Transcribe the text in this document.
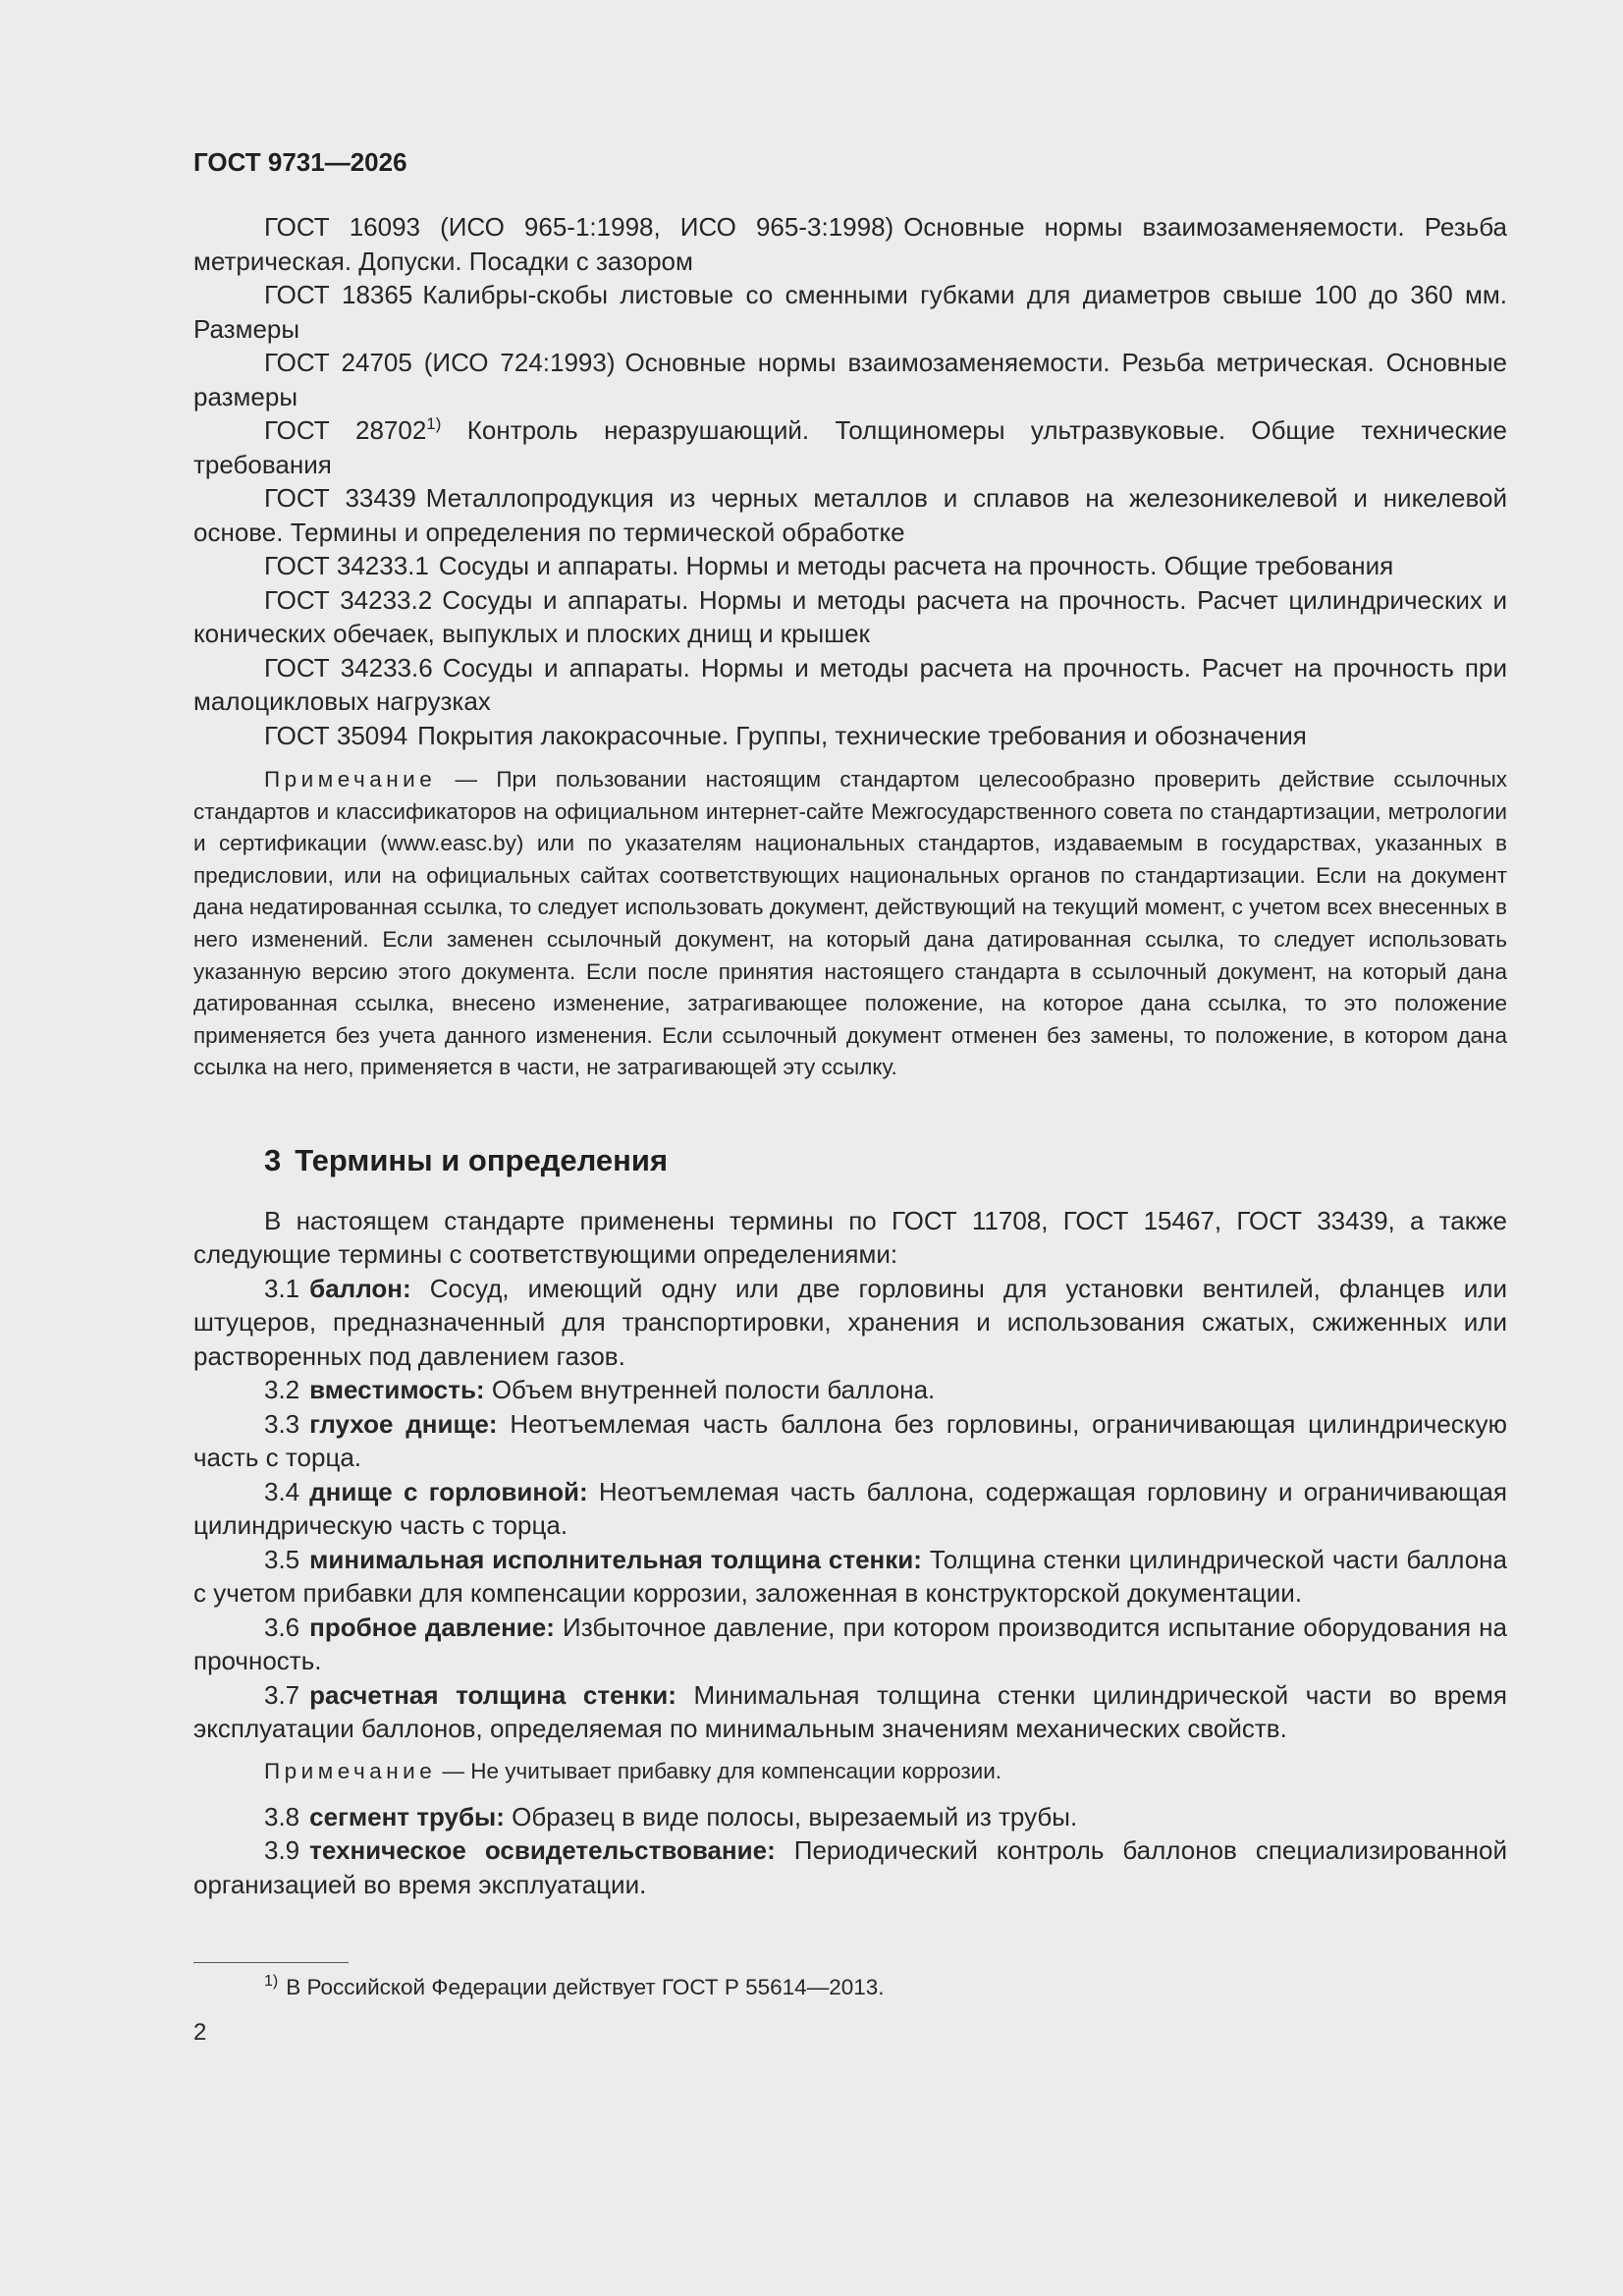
ГОСТ 9731—2026

ГОСТ 16093 (ИСО 965-1:1998, ИСО 965-3:1998) Основные нормы взаимозаменяемости. Резьба метрическая. Допуски. Посадки с зазором

ГОСТ 18365 Калибры-скобы листовые со сменными губками для диаметров свыше 100 до 360 мм. Размеры

ГОСТ 24705 (ИСО 724:1993) Основные нормы взаимозаменяемости. Резьба метрическая. Основные размеры

ГОСТ 28702$^{1)}$ Контроль неразрушающий. Толщиномеры ультразвуковые. Общие технические требования

ГОСТ 33439 Металлопродукция из черных металлов и сплавов на железоникелевой и никелевой основе. Термины и определения по термической обработке

ГОСТ 34233.1 Сосуды и аппараты. Нормы и методы расчета на прочность. Общие требования

ГОСТ 34233.2 Сосуды и аппараты. Нормы и методы расчета на прочность. Расчет цилиндрических и конических обечаек, выпуклых и плоских днищ и крышек

ГОСТ 34233.6 Сосуды и аппараты. Нормы и методы расчета на прочность. Расчет на прочность при малоцикловых нагрузках

ГОСТ 35094 Покрытия лакокрасочные. Группы, технические требования и обозначения

Примечание — При пользовании настоящим стандартом целесообразно проверить действие ссылочных стандартов и классификаторов на официальном интернет-сайте Межгосударственного совета по стандартизации, метрологии и сертификации (www.easc.by) или по указателям национальных стандартов, издаваемым в государствах, указанных в предисловии, или на официальных сайтах соответствующих национальных органов по стандартизации. Если на документ дана недатированная ссылка, то следует использовать документ, действующий на текущий момент, с учетом всех внесенных в него изменений. Если заменен ссылочный документ, на который дана датированная ссылка, то следует использовать указанную версию этого документа. Если после принятия настоящего стандарта в ссылочный документ, на который дана датированная ссылка, внесено изменение, затрагивающее положение, на которое дана ссылка, то это положение применяется без учета данного изменения. Если ссылочный документ отменен без замены, то положение, в котором дана ссылка на него, применяется в части, не затрагивающей эту ссылку.

3 Термины и определения

В настоящем стандарте применены термины по ГОСТ 11708, ГОСТ 15467, ГОСТ 33439, а также следующие термины с соответствующими определениями:

3.1 баллон: Сосуд, имеющий одну или две горловины для установки вентилей, фланцев или штуцеров, предназначенный для транспортировки, хранения и использования сжатых, сжиженных или растворенных под давлением газов.

3.2 вместимость: Объем внутренней полости баллона.

3.3 глухое днище: Неотъемлемая часть баллона без горловины, ограничивающая цилиндрическую часть с торца.

3.4 днище с горловиной: Неотъемлемая часть баллона, содержащая горловину и ограничивающая цилиндрическую часть с торца.

3.5 минимальная исполнительная толщина стенки: Толщина стенки цилиндрической части баллона с учетом прибавки для компенсации коррозии, заложенная в конструкторской документации.

3.6 пробное давление: Избыточное давление, при котором производится испытание оборудования на прочность.

3.7 расчетная толщина стенки: Минимальная толщина стенки цилиндрической части во время эксплуатации баллонов, определяемая по минимальным значениям механических свойств.

Примечание — Не учитывает прибавку для компенсации коррозии.

3.8 сегмент трубы: Образец в виде полосы, вырезаемый из трубы.

3.9 техническое освидетельствование: Периодический контроль баллонов специализированной организацией во время эксплуатации.

$^{1)}$ В Российской Федерации действует ГОСТ Р 55614—2013.

2
